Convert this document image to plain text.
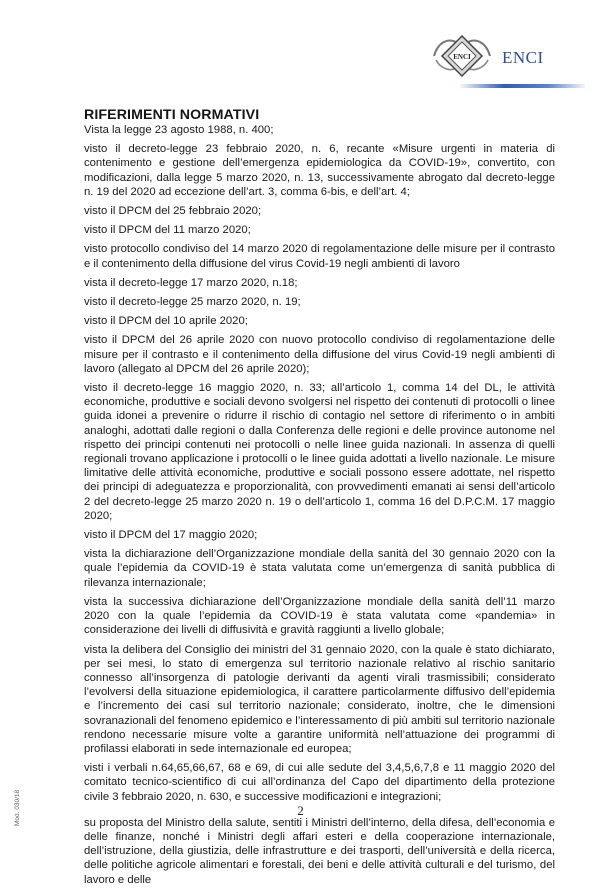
ENCI ENCI
RIFERIMENTI NORMATIVI

Vista la legge 23 agosto 1988, n. 400;

visto il decreto-legge 23 febbraio 2020, n. 6, recante «Misure urgenti in materia di contenimento e gestione dell’emergenza epidemiologica da COVID-19», convertito, con modificazioni, dalla legge 5 marzo 2020, n. 13, successivamente abrogato dal decreto-legge n. 19 del 2020 ad eccezione dell’art. 3, comma 6-bis, e dell’art. 4;

visto il DPCM del 25 febbraio 2020;

visto il DPCM del 11 marzo 2020;

visto protocollo condiviso del 14 marzo 2020 di regolamentazione delle misure per il contrasto e il contenimento della diffusione del virus Covid-19 negli ambienti di lavoro

vista il decreto-legge 17 marzo 2020, n.18;

visto il decreto-legge 25 marzo 2020, n. 19;

visto il DPCM del 10 aprile 2020;

visto il DPCM del 26 aprile 2020 con nuovo protocollo condiviso di regolamentazione delle misure per il contrasto e il contenimento della diffusione del virus Covid-19 negli ambienti di lavoro (allegato al DPCM del 26 aprile 2020);

visto il decreto-legge 16 maggio 2020, n. 33; all’articolo 1, comma 14 del DL, le attività economiche, produttive e sociali devono svolgersi nel rispetto dei contenuti di protocolli o linee guida idonei a prevenire o ridurre il rischio di contagio nel settore di riferimento o in ambiti analoghi, adottati dalle regioni o dalla Conferenza delle regioni e delle province autonome nel rispetto dei principi contenuti nei protocolli o nelle linee guida nazionali. In assenza di quelli regionali trovano applicazione i protocolli o le linee guida adottati a livello nazionale. Le misure limitative delle attività economiche, produttive e sociali possono essere adottate, nel rispetto dei principi di adeguatezza e proporzionalità, con provvedimenti emanati ai sensi dell’articolo 2 del decreto-legge 25 marzo 2020 n. 19 o dell’articolo 1, comma 16 del D.P.C.M. 17 maggio 2020;

visto il DPCM del 17 maggio 2020;

vista la dichiarazione dell’Organizzazione mondiale della sanità del 30 gennaio 2020 con la quale l’epidemia da COVID-19 è stata valutata come un’emergenza di sanità pubblica di rilevanza internazionale;

vista la successiva dichiarazione dell’Organizzazione mondiale della sanità dell’11 marzo 2020 con la quale l’epidemia da COVID-19 è stata valutata come «pandemia» in considerazione dei livelli di diffusività e gravità raggiunti a livello globale;

vista la delibera del Consiglio dei ministri del 31 gennaio 2020, con la quale è stato dichiarato, per sei mesi, lo stato di emergenza sul territorio nazionale relativo al rischio sanitario connesso all’insorgenza di patologie derivanti da agenti virali trasmissibili; considerato l’evolversi della situazione epidemiologica, il carattere particolarmente diffusivo dell’epidemia e l’incremento dei casi sul territorio nazionale; considerato, inoltre, che le dimensioni sovranazionali del fenomeno epidemico e l’interessamento di più ambiti sul territorio nazionale rendono necessarie misure volte a garantire uniformità nell’attuazione dei programmi di profilassi elaborati in sede internazionale ed europea;

visti i verbali n.64,65,66,67, 68 e 69, di cui alle sedute del 3,4,5,6,7,8 e 11 maggio 2020 del comitato tecnico-scientifico di cui all’ordinanza del Capo del dipartimento della protezione civile 3 febbraio 2020, n. 630, e successive modificazioni e integrazioni;

su proposta del Ministro della salute, sentiti i Ministri dell’interno, della difesa, dell’economia e delle finanze, nonché i Ministri degli affari esteri e della cooperazione internazionale, dell’istruzione, della giustizia, delle infrastrutture e dei trasporti, dell’università e della ricerca, delle politiche agricole alimentari e forestali, dei beni e delle attività culturali e del turismo, del lavoro e delle

2
Mod. 030/18
